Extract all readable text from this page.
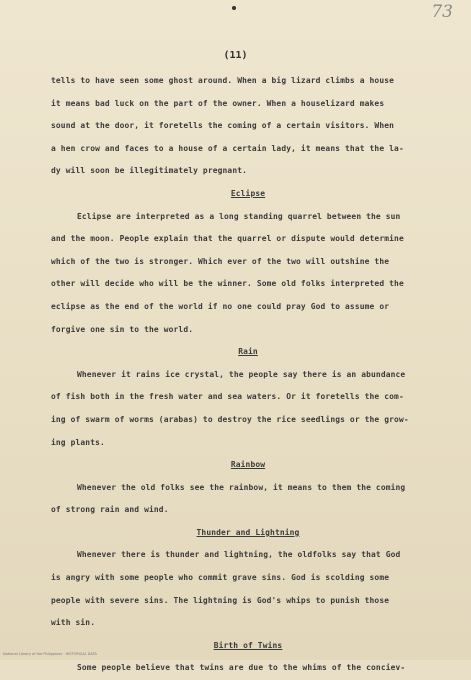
73
(11)
tells to have seen some ghost around. When a big lizard climbs a house
it means bad luck on the part of the owner. When a houselizard makes
sound at the door, it foretells the coming of a certain visitors. When
a hen crow and faces to a house of a certain lady, it means that the la-
dy will soon be illegitimately pregnant.
Eclipse
Eclipse are interpreted as a long standing quarrel between the sun
and the moon. People explain that the quarrel or dispute would determine
which of the two is stronger. Which ever of the two will outshine the
other will decide who will be the winner. Some old folks interpreted the
eclipse as the end of the world if no one could pray God to assume or
forgive one sin to the world.
Rain
Whenever it rains ice crystal, the people say there is an abundance
of fish both in the fresh water and sea waters. Or it foretells the com-
ing of swarm of worms (arabas) to destroy the rice seedlings or the grow-
ing plants.
Rainbow
Whenever the old folks see the rainbow, it means to them the coming
of strong rain and wind.
Thunder and Lightning
Whenever there is thunder and lightning, the oldfolks say that God
is angry with some people who commit grave sins. God is scolding some
people with severe sins. The lightning is God's whips to punish those
with sin.
Birth of Twins
Some people believe that twins are due to the whims of the conciev-
National Library of the Philippines · HISTORICAL DATA
